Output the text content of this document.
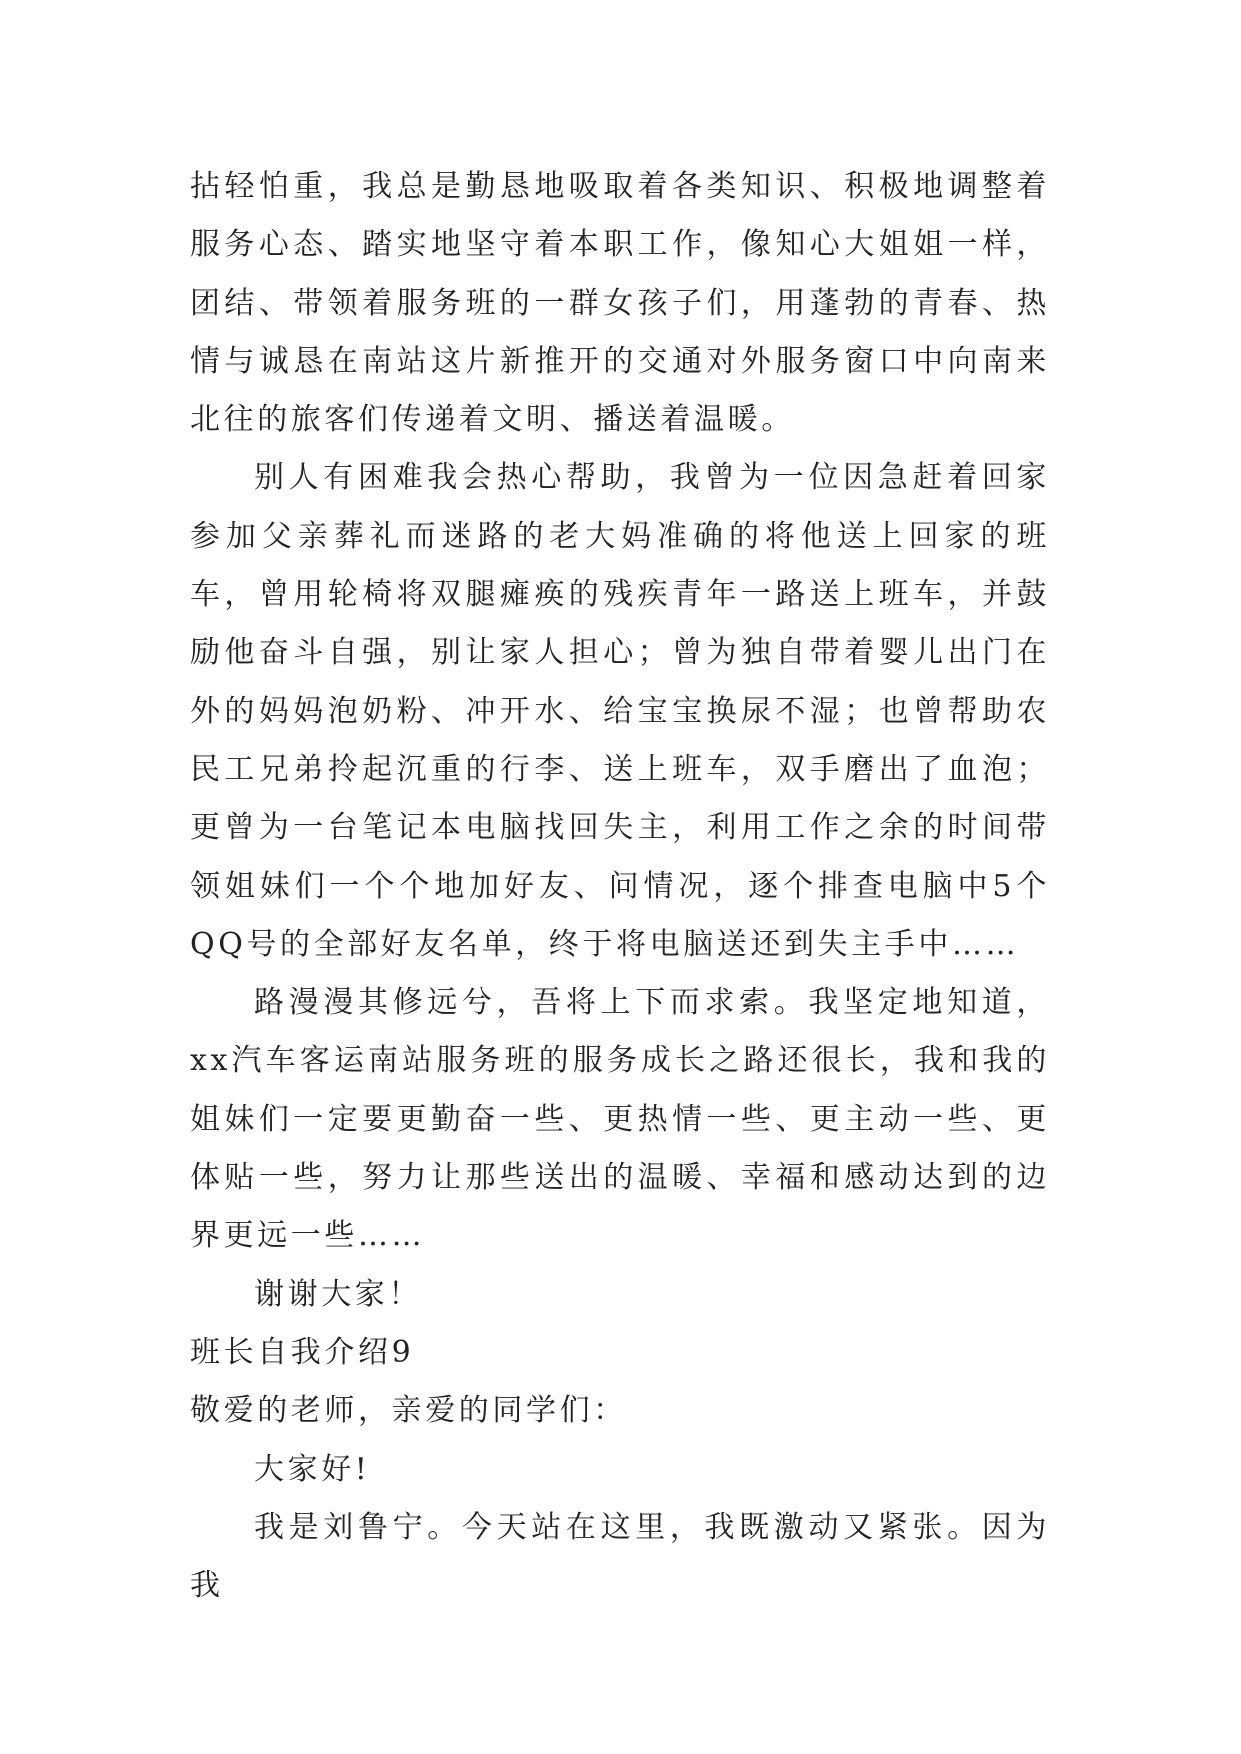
拈轻怕重，我总是勤恳地吸取着各类知识、积极地调整着服务心态、踏实地坚守着本职工作，像知心大姐姐一样，团结、带领着服务班的一群女孩子们，用蓬勃的青春、热情与诚恳在南站这片新推开的交通对外服务窗口中向南来北往的旅客们传递着文明、播送着温暖。

别人有困难我会热心帮助，我曾为一位因急赶着回家参加父亲葬礼而迷路的老大妈准确的将他送上回家的班车，曾用轮椅将双腿瘫痪的残疾青年一路送上班车，并鼓励他奋斗自强，别让家人担心；曾为独自带着婴儿出门在外的妈妈泡奶粉、冲开水、给宝宝换尿不湿；也曾帮助农民工兄弟拎起沉重的行李、送上班车，双手磨出了血泡；更曾为一台笔记本电脑找回失主，利用工作之余的时间带领姐妹们一个个地加好友、问情况，逐个排查电脑中5个QQ号的全部好友名单，终于将电脑送还到失主手中……

路漫漫其修远兮，吾将上下而求索。我坚定地知道，xx汽车客运南站服务班的服务成长之路还很长，我和我的姐妹们一定要更勤奋一些、更热情一些、更主动一些、更体贴一些，努力让那些送出的温暖、幸福和感动达到的边界更远一些……

谢谢大家！

班长自我介绍9

敬爱的老师，亲爱的同学们：

大家好!

我是刘鲁宁。今天站在这里，我既激动又紧张。因为我
